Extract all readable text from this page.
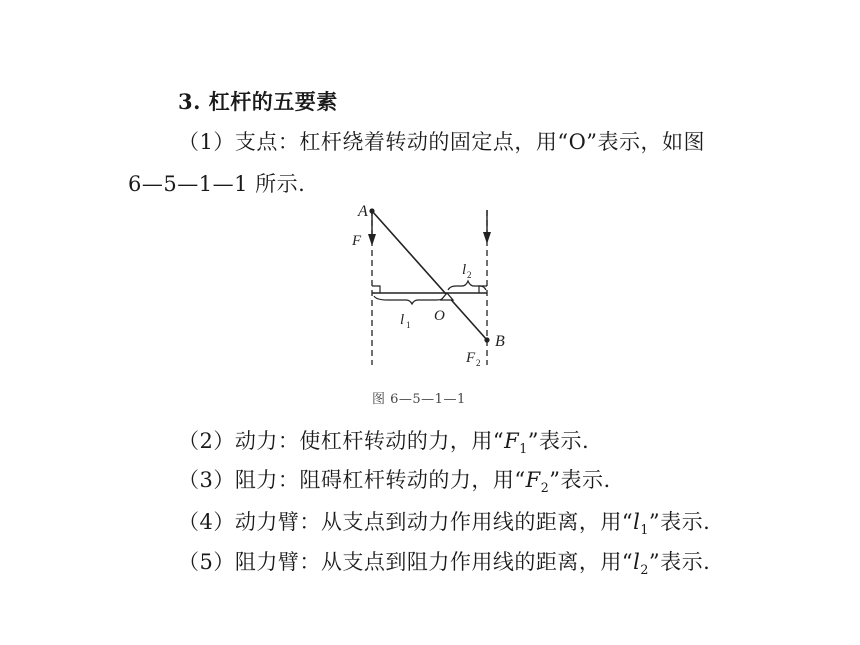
3. 杠杆的五要素
（1）支点：杠杆绕着转动的固定点，用“O”表示，如图
6—5—1—1 所示.
A
F
B
O
l 1
l 2
F 2
图 6—5—1—1
（2）动力：使杠杆转动的力，用“$F_1$”表示.
（3）阻力：阻碍杠杆转动的力，用“$F_2$”表示.
（4）动力臂：从支点到动力作用线的距离，用“$l_1$”表示.
（5）阻力臂：从支点到阻力作用线的距离，用“$l_2$”表示.
